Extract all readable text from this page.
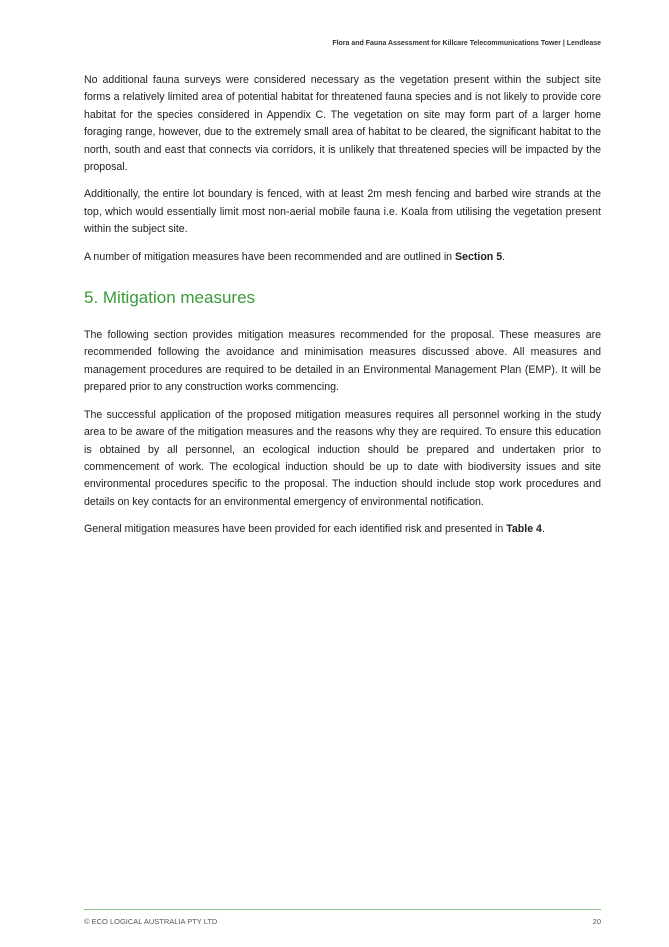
Flora and Fauna Assessment for Killcare Telecommunications Tower | Lendlease

No additional fauna surveys were considered necessary as the vegetation present within the subject site forms a relatively limited area of potential habitat for threatened fauna species and is not likely to provide core habitat for the species considered in Appendix C. The vegetation on site may form part of a larger home foraging range, however, due to the extremely small area of habitat to be cleared, the significant habitat to the north, south and east that connects via corridors, it is unlikely that threatened species will be impacted by the proposal.

Additionally, the entire lot boundary is fenced, with at least 2m mesh fencing and barbed wire strands at the top, which would essentially limit most non-aerial mobile fauna i.e. Koala from utilising the vegetation present within the subject site.

A number of mitigation measures have been recommended and are outlined in Section 5.

5. Mitigation measures

The following section provides mitigation measures recommended for the proposal. These measures are recommended following the avoidance and minimisation measures discussed above. All measures and management procedures are required to be detailed in an Environmental Management Plan (EMP). It will be prepared prior to any construction works commencing.

The successful application of the proposed mitigation measures requires all personnel working in the study area to be aware of the mitigation measures and the reasons why they are required. To ensure this education is obtained by all personnel, an ecological induction should be prepared and undertaken prior to commencement of work. The ecological induction should be up to date with biodiversity issues and site environmental procedures specific to the proposal. The induction should include stop work procedures and details on key contacts for an environmental emergency of environmental notification.

General mitigation measures have been provided for each identified risk and presented in Table 4.

© ECO LOGICAL AUSTRALIA PTY LTD	20
